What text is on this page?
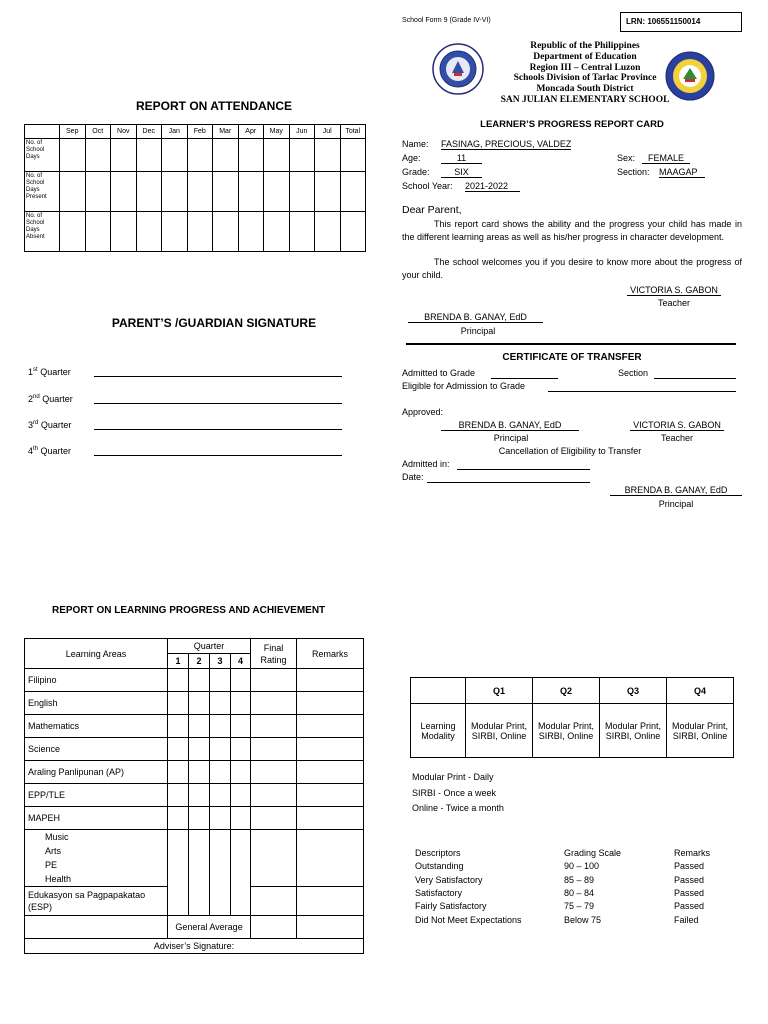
REPORT ON ATTENDANCE
	Sep	Oct	Nov	Dec	Jan	Feb	Mar	Apr	May	Jun	Jul	Total
No. of School Days												
No. of School Days Present												
No. of School Days Absent												
PARENT’S /GUARDIAN SIGNATURE
1st Quarter
2nd Quarter
3rd Quarter
4th Quarter
REPORT ON LEARNING PROGRESS AND ACHIEVEMENT
Learning Areas	Quarter				Final Rating	Remarks
	1	2	3	4		
Filipino						
English						
Mathematics						
Science						
Araling Panlipunan (AP)						
EPP/TLE						
MAPEH						
Music						
Arts						
PE						
Health						
Edukasyon sa Pagpapakatao (ESP)						
	General Average					
Adviser’s Signature:						
School Form 9 (Grade IV-VI)	LRN: 106551150014
Republic of the Philippines
Department of Education
Region III – Central Luzon
Schools Division of Tarlac Province
Moncada South District
SAN JULIAN ELEMENTARY SCHOOL
LEARNER’S PROGRESS REPORT CARD
Name: FASINAG, PRECIOUS, VALDEZ
Age:	11	Sex:	FEMALE
Grade:	SIX	Section: MAAGAP
School Year: 2021-2022
Dear Parent,
This report card shows the ability and the progress your child has made in the different learning areas as well as his/her progress in character development.
The school welcomes you if you desire to know more about the progress of your child.
VICTORIA S. GABON
Teacher
BRENDA B. GANAY, EdD
Principal
CERTIFICATE OF TRANSFER
Admitted to Grade	Section
Eligible for Admission to Grade
Approved:
BRENDA B. GANAY, EdD
Principal
VICTORIA S. GABON
Teacher
Cancellation of Eligibility to Transfer
Admitted in:
Date:
BRENDA B. GANAY, EdD
Principal
	Q1	Q2	Q3	Q4
Learning Modality	Modular Print, SIRBI, Online	Modular Print, SIRBI, Online	Modular Print, SIRBI, Online	Modular Print, SIRBI, Online
Modular Print - Daily
SIRBI - Once a week
Online - Twice a month
Descriptors	Grading Scale	Remarks
Outstanding	90 – 100	Passed
Very Satisfactory	85 – 89	Passed
Satisfactory	80 – 84	Passed
Fairly Satisfactory	75 – 79	Passed
Did Not Meet Expectations	Below 75	Failed
